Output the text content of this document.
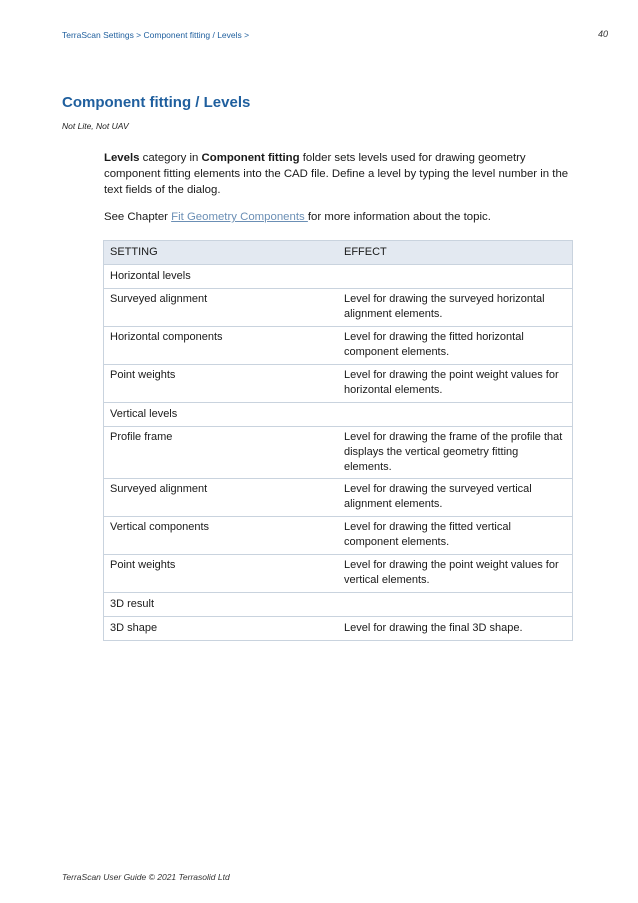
TerraScan Settings > Component fitting / Levels >	40
Component fitting / Levels
Not Lite, Not UAV

Levels category in Component fitting folder sets levels used for drawing geometry component fitting elements into the CAD file. Define a level by typing the level number in the text fields of the dialog.

See Chapter Fit Geometry Components for more information about the topic.

SETTING	EFFECT
Horizontal levels	
Surveyed alignment	Level for drawing the surveyed horizontal alignment elements.
Horizontal components	Level for drawing the fitted horizontal component elements.
Point weights	Level for drawing the point weight values for horizontal elements.
Vertical levels	
Profile frame	Level for drawing the frame of the profile that displays the vertical geometry fitting elements.
Surveyed alignment	Level for drawing the surveyed vertical alignment elements.
Vertical components	Level for drawing the fitted vertical component elements.
Point weights	Level for drawing the point weight values for vertical elements.
3D result	
3D shape	Level for drawing the final 3D shape.
TerraScan User Guide © 2021 Terrasolid Ltd
